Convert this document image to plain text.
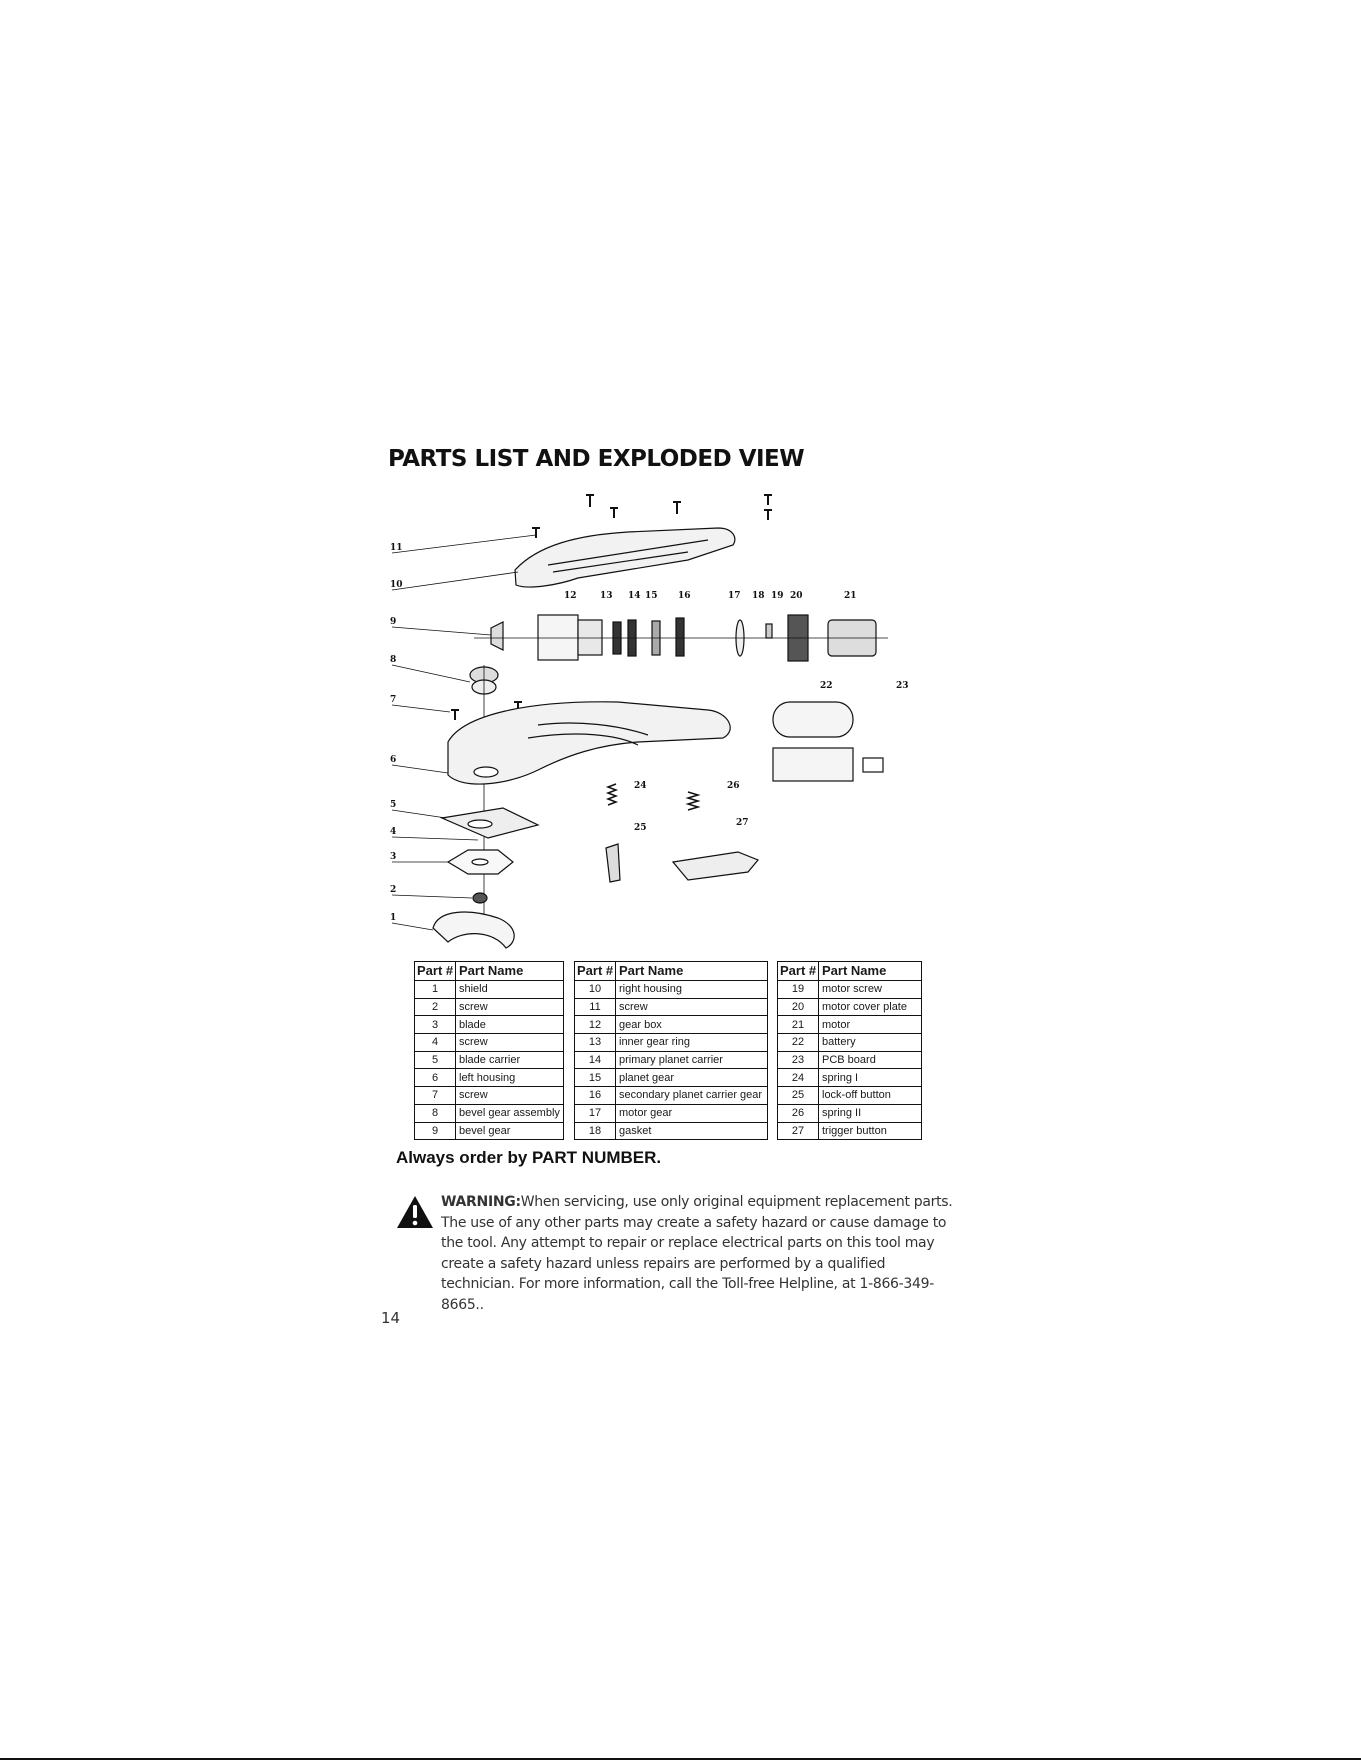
PARTS LIST AND EXPLODED VIEW
11
10
9
8
7
6
5
4
3
2
1
12	13 14 15 16	17 18 19 20	21
22	23
24
25
26
27
Part #	Part Name
1	shield
2	screw
3	blade
4	screw
5	blade carrier
6	left housing
7	screw
8	bevel gear assembly
9	bevel gear
Part #	Part Name
10	right housing
11	screw
12	gear box
13	inner gear ring
14	primary planet carrier
15	planet gear
16	secondary planet carrier gear
17	motor gear
18	gasket
Part #	Part Name
19	motor screw
20	motor cover plate
21	motor
22	battery
23	PCB board
24	spring I
25	lock-off button
26	spring II
27	trigger button

Always order by PART NUMBER.

WARNING:When servicing, use only original equipment replacement parts. The use of any other parts may create a safety hazard or cause damage to the tool. Any attempt to repair or replace electrical parts on this tool may create a safety hazard unless repairs are performed by a qualified technician. For more information, call the Toll-free Helpline, at 1-866-349-8665..

14
